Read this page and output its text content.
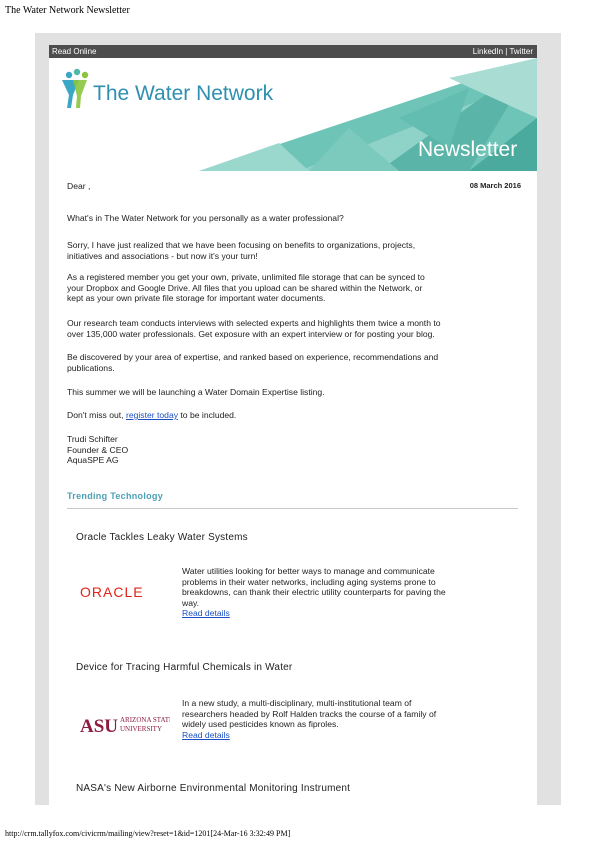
The Water Network Newsletter
Read Online	LinkedIn | Twitter
The Water Network
Newsletter
Dear ,	08 March 2016
What's in The Water Network for you personally as a water professional?
Sorry, I have just realized that we have been focusing on benefits to organizations, projects,
initiatives and associations - but now it's your turn!
As a registered member you get your own, private, unlimited file storage that can be synced to
your Dropbox and Google Drive. All files that you upload can be shared within the Network, or
kept as your own private file storage for important water documents.
Our research team conducts interviews with selected experts and highlights them twice a month to
over 135,000 water professionals. Get exposure with an expert interview or for posting your blog.
Be discovered by your area of expertise, and ranked based on experience, recommendations and
publications.
This summer we will be launching a Water Domain Expertise listing.
Don't miss out, register today to be included.
Trudi Schifter
Founder & CEO
AquaSPE AG
Trending Technology
Oracle Tackles Leaky Water Systems
ORACLE
Water utilities looking for better ways to manage and communicate
problems in their water networks, including aging systems prone to
breakdowns, can thank their electric utility counterparts for paving the
way.
Read details
Device for Tracing Harmful Chemicals in Water
ASU ARIZONA STATE
UNIVERSITY
In a new study, a multi-disciplinary, multi-institutional team of
researchers headed by Rolf Halden tracks the course of a family of
widely used pesticides known as fiproles.
Read details
NASA's New Airborne Environmental Monitoring Instrument
http://crm.tallyfox.com/civicrm/mailing/view?reset=1&id=1201[24-Mar-16 3:32:49 PM]
